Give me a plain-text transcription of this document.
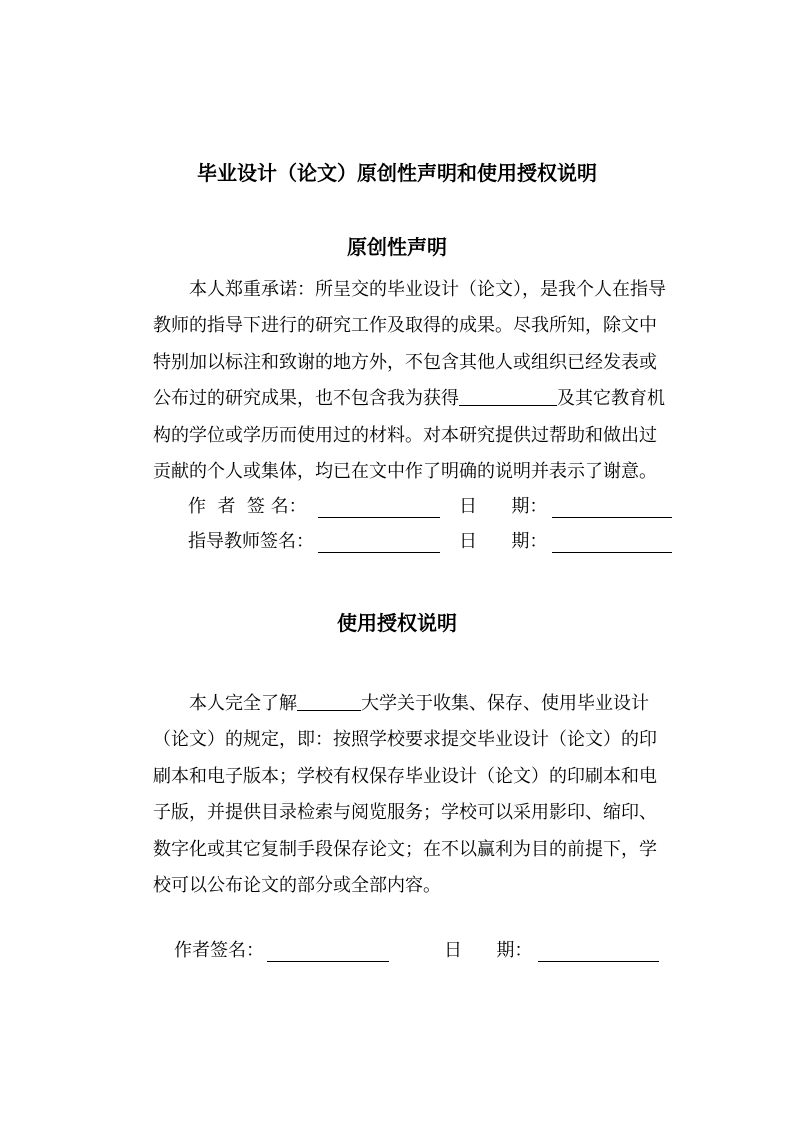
毕业设计（论文）原创性声明和使用授权说明
原创性声明

本人郑重承诺：所呈交的毕业设计（论文），是我个人在指导

教师的指导下进行的研究工作及取得的成果。尽我所知，除文中

特别加以标注和致谢的地方外，不包含其他人或组织已经发表或

公布过的研究成果，也不包含我为获得	及其它教育机

构的学位或学历而使用过的材料。对本研究提供过帮助和做出过

贡献的个人或集体，均已在文中作了明确的说明并表示了谢意。

作  者  签 名：	日      期：
指导教师签名：	日      期：
使用授权说明

本人完全了解	大学关于收集、保存、使用毕业设计

（论文）的规定，即：按照学校要求提交毕业设计（论文）的印

刷本和电子版本；学校有权保存毕业设计（论文）的印刷本和电

子版，并提供目录检索与阅览服务；学校可以采用影印、缩印、

数字化或其它复制手段保存论文；在不以赢利为目的前提下，学

校可以公布论文的部分或全部内容。

作者签名：	日      期：
